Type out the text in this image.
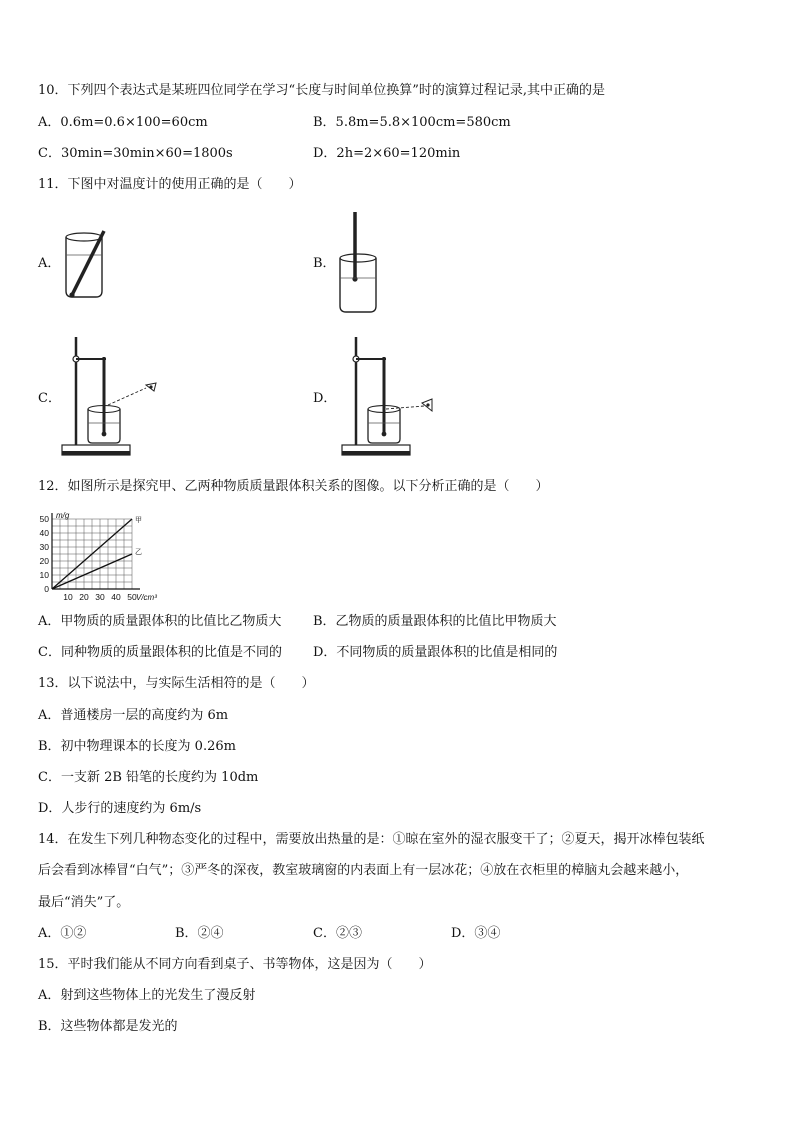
10．下列四个表达式是某班四位同学在学习“长度与时间单位换算”时的演算过程记录,其中正确的是
A．0.6m=0.6×100=60cm	B．5.8m=5.8×100cm=580cm
C．30min=30min×60=1800s	D．2h=2×60=120min
11．下图中对温度计的使用正确的是（　　）
A．	B．
C．	D．
12．如图所示是探究甲、乙两种物质质量跟体积关系的图像。以下分析正确的是（　　）
甲
乙
10 20 30 40 50
0
10
20
30
40
50 m/g
V/cm³
A．甲物质的质量跟体积的比值比乙物质大 B．乙物质的质量跟体积的比值比甲物质大
C．同种物质的质量跟体积的比值是不同的 D．不同物质的质量跟体积的比值是相同的
13．以下说法中，与实际生活相符的是（　　）
A．普通楼房一层的高度约为 6m
B．初中物理课本的长度为 0.26m
C．一支新 2B 铅笔的长度约为 10dm
D．人步行的速度约为 6m/s
14．在发生下列几种物态变化的过程中，需要放出热量的是：①晾在室外的湿衣服变干了；②夏天，揭开冰棒包装纸
后会看到冰棒冒“白气”；③严冬的深夜，教室玻璃窗的内表面上有一层冰花；④放在衣柜里的樟脑丸会越来越小，
最后“消失”了。
A．①②	B．②④	C．②③	D．③④
15．平时我们能从不同方向看到桌子、书等物体，这是因为（　　）
A．射到这些物体上的光发生了漫反射
B．这些物体都是发光的
